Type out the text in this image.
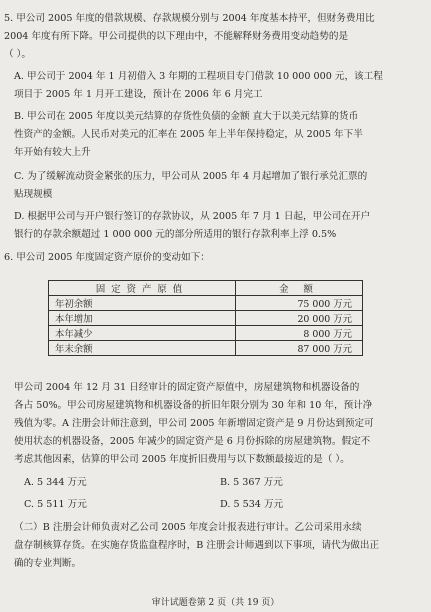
5. 甲公司 2005 年度的借款规模、存款规模分别与 2004 年度基本持平，但财务费用比
2004 年度有所下降。甲公司提供的以下理由中，不能解释财务费用变动趋势的是
（ ）。
A. 甲公司于 2004 年 1 月初借入 3 年期的工程项目专门借款 10 000 000 元，该工程
项目于 2005 年 1 月开工建设，预计在 2006 年 6 月完工
B. 甲公司在 2005 年度以美元结算的存货性负债的金额 直大于以美元结算的货币
性资产的金额。人民币对美元的汇率在 2005 年上半年保持稳定，从 2005 年下半
年开始有较大上升
C. 为了缓解流动资金紧张的压力，甲公司从 2005 年 4 月起增加了银行承兑汇票的
贴现规模
D. 根据甲公司与开户银行签订的存款协议，从 2005 年 7 月 1 日起，甲公司在开户
银行的存款余额超过 1 000 000 元的部分所适用的银行存款利率上浮 0.5%
6. 甲公司 2005 年度固定资产原价的变动如下：
固定资产原值	金 额
年初余额	75 000 万元
本年增加	20 000 万元
本年减少	8 000 万元
年末余额	87 000 万元
甲公司 2004 年 12 月 31 日经审计的固定资产原值中，房屋建筑物和机器设备的
各占 50%。甲公司房屋建筑物和机器设备的折旧年限分别为 30 年和 10 年，预计净
残值为零。A 注册会计师注意到，甲公司 2005 年新增固定资产是 9 月份达到预定可
使用状态的机器设备，2005 年减少的固定资产是 6 月份拆除的房屋建筑物。假定不
考虑其他因素，估算的甲公司 2005 年度折旧费用与以下数额最接近的是（ ）。
A. 5 344 万元	B. 5 367 万元
C. 5 511 万元	D. 5 534 万元
（二）B 注册会计师负责对乙公司 2005 年度会计报表进行审计。乙公司采用永续
盘存制核算存货。在实施存货监盘程序时，B 注册会计师遇到以下事项，请代为做出正
确的专业判断。
审计试题卷第 2 页（共 19 页）
